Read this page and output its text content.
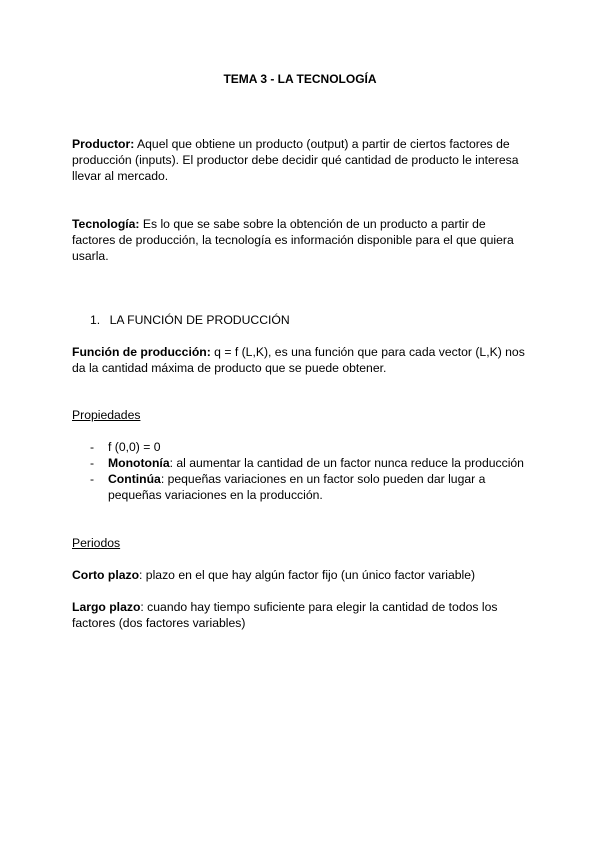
TEMA 3 - LA TECNOLOGÍA
Productor: Aquel que obtiene un producto (output) a partir de ciertos factores de producción (inputs). El productor debe decidir qué cantidad de producto le interesa llevar al mercado.
Tecnología: Es lo que se sabe sobre la obtención de un producto a partir de factores de producción, la tecnología es información disponible para el que quiera usarla.
1. LA FUNCIÓN DE PRODUCCIÓN
Función de producción: q = f (L,K), es una función que para cada vector (L,K) nos da la cantidad máxima de producto que se puede obtener.
Propiedades
- f (0,0) = 0
- Monotonía: al aumentar la cantidad de un factor nunca reduce la producción
- Continúa: pequeñas variaciones en un factor solo pueden dar lugar a pequeñas variaciones en la producción.
Periodos
Corto plazo: plazo en el que hay algún factor fijo (un único factor variable)
Largo plazo: cuando hay tiempo suficiente para elegir la cantidad de todos los factores (dos factores variables)
